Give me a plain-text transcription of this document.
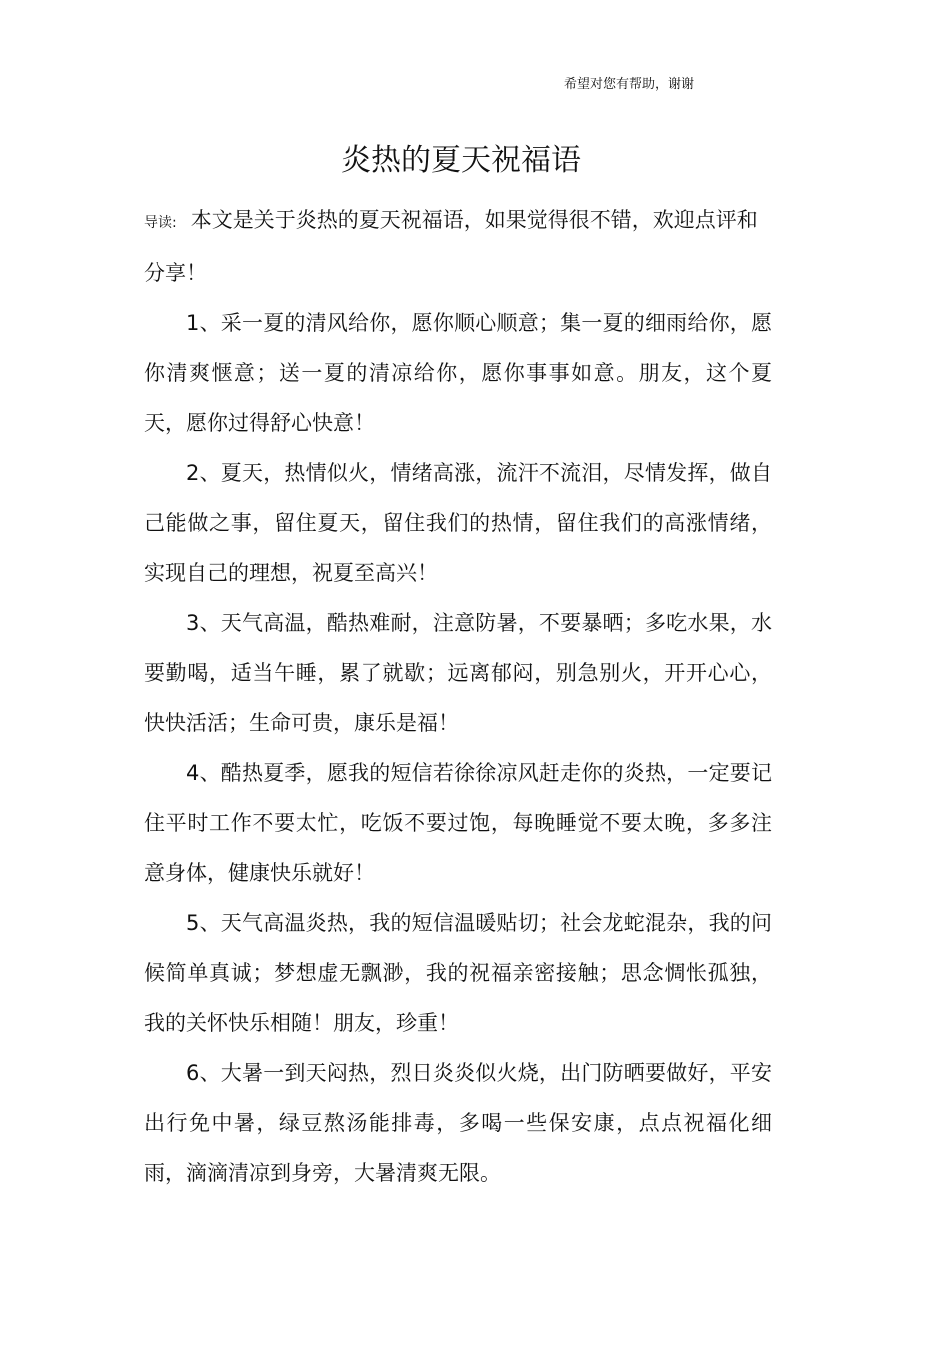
希望对您有帮助，谢谢
炎热的夏天祝福语

导读: 本文是关于炎热的夏天祝福语，如果觉得很不错，欢迎点评和分享！

1、采一夏的清风给你，愿你顺心顺意；集一夏的细雨给你，愿你清爽惬意；送一夏的清凉给你，愿你事事如意。朋友，这个夏天，愿你过得舒心快意！

2、夏天，热情似火，情绪高涨，流汗不流泪，尽情发挥，做自己能做之事，留住夏天，留住我们的热情，留住我们的高涨情绪，实现自己的理想，祝夏至高兴！

3、天气高温，酷热难耐，注意防暑，不要暴晒；多吃水果，水要勤喝，适当午睡，累了就歇；远离郁闷，别急别火，开开心心，快快活活；生命可贵，康乐是福！

4、酷热夏季，愿我的短信若徐徐凉风赶走你的炎热，一定要记住平时工作不要太忙，吃饭不要过饱，每晚睡觉不要太晚，多多注意身体，健康快乐就好！

5、天气高温炎热，我的短信温暖贴切；社会龙蛇混杂，我的问候简单真诚；梦想虚无飘渺，我的祝福亲密接触；思念惆怅孤独，我的关怀快乐相随！朋友，珍重！

6、大暑一到天闷热，烈日炎炎似火烧，出门防晒要做好，平安出行免中暑，绿豆熬汤能排毒，多喝一些保安康，点点祝福化细雨，滴滴清凉到身旁，大暑清爽无限。
